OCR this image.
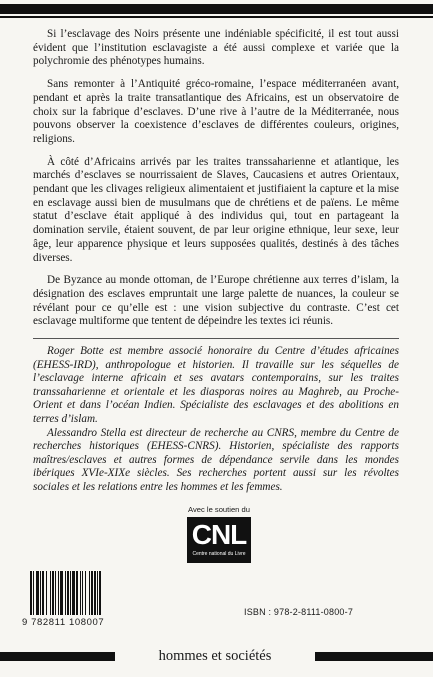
Si l’esclavage des Noirs présente une indéniable spécificité, il est tout aussi évident que l’institution esclavagiste a été aussi complexe et variée que la polychromie des phénotypes humains.

Sans remonter à l’Antiquité gréco-romaine, l’espace méditerranéen avant, pendant et après la traite transatlantique des Africains, est un observatoire de choix sur la fabrique d’esclaves. D’une rive à l’autre de la Méditerranée, nous pouvons observer la coexistence d’esclaves de différentes couleurs, origines, religions.

À côté d’Africains arrivés par les traites transsaharienne et atlantique, les marchés d’esclaves se nourrissaient de Slaves, Caucasiens et autres Orientaux, pendant que les clivages religieux alimentaient et justifiaient la capture et la mise en esclavage aussi bien de musulmans que de chrétiens et de païens. Le même statut d’esclave était appliqué à des individus qui, tout en partageant la domination servile, étaient souvent, de par leur origine ethnique, leur sexe, leur âge, leur apparence physique et leurs supposées qualités, destinés à des tâches diverses.

De Byzance au monde ottoman, de l’Europe chrétienne aux terres d’islam, la désignation des esclaves empruntait une large palette de nuances, la couleur se révélant pour ce qu’elle est : une vision subjective du contraste. C’est cet esclavage multiforme que tentent de dépeindre les textes ici réunis.

Roger Botte est membre associé honoraire du Centre d’études africaines (EHESS-IRD), anthropologue et historien. Il travaille sur les séquelles de l’esclavage interne africain et ses avatars contemporains, sur les traites transsaharienne et orientale et les diasporas noires au Maghreb, au Proche-Orient et dans l’océan Indien. Spécialiste des esclavages et des abolitions en terres d’islam.

Alessandro Stella est directeur de recherche au CNRS, membre du Centre de recherches historiques (EHESS-CNRS). Historien, spécialiste des rapports maîtres/esclaves et autres formes de dépendance servile dans les mondes ibériques XVIe-XIXe siècles. Ses recherches portent aussi sur les révoltes sociales et les relations entre les hommes et les femmes.

Avec le soutien du
CNL
Centre national du Livre
9 782811 108007
ISBN : 978-2-8111-0800-7
hommes et sociétés
